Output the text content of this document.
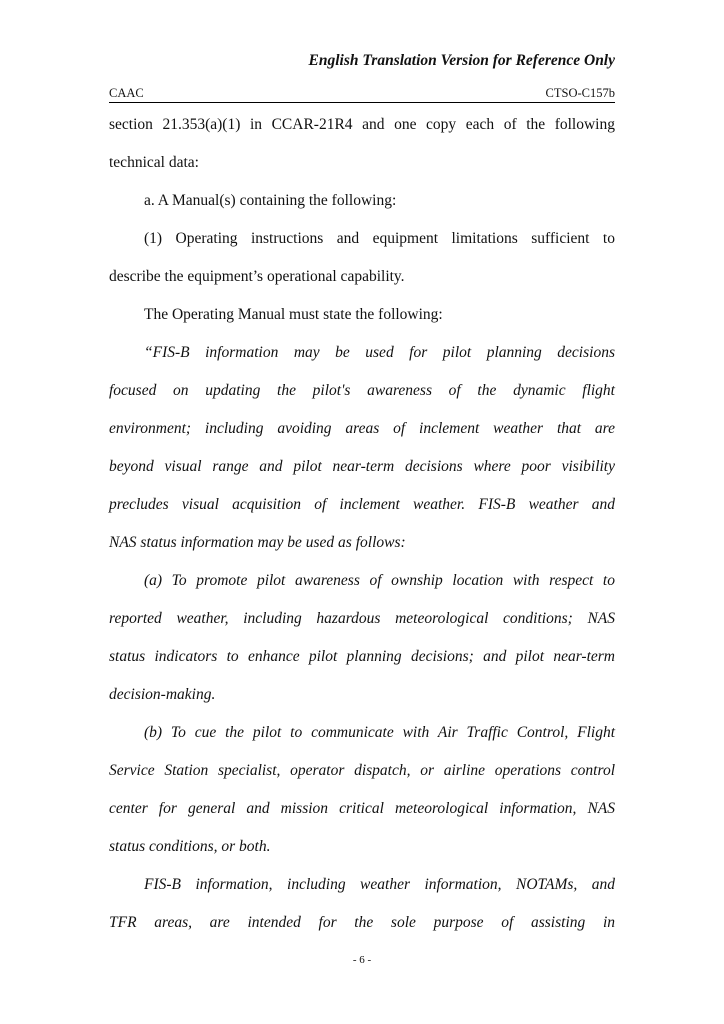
English Translation Version for Reference Only
CAAC	CTSO-C157b
section 21.353(a)(1) in CCAR-21R4 and one copy each of the following
technical data:
a. A Manual(s) containing the following:
(1) Operating instructions and equipment limitations sufficient to
describe the equipment’s operational capability.
The Operating Manual must state the following:
“FIS-B information may be used for pilot planning decisions
focused on updating the pilot's awareness of the dynamic flight
environment; including avoiding areas of inclement weather that are
beyond visual range and pilot near-term decisions where poor visibility
precludes visual acquisition of inclement weather. FIS-B weather and
NAS status information may be used as follows:
(a) To promote pilot awareness of ownship location with respect to
reported weather, including hazardous meteorological conditions; NAS
status indicators to enhance pilot planning decisions; and pilot near-term
decision-making.
(b) To cue the pilot to communicate with Air Traffic Control, Flight
Service Station specialist, operator dispatch, or airline operations control
center for general and mission critical meteorological information, NAS
status conditions, or both.
FIS-B information, including weather information, NOTAMs, and
TFR areas, are intended for the sole purpose of assisting in
- 6 -
